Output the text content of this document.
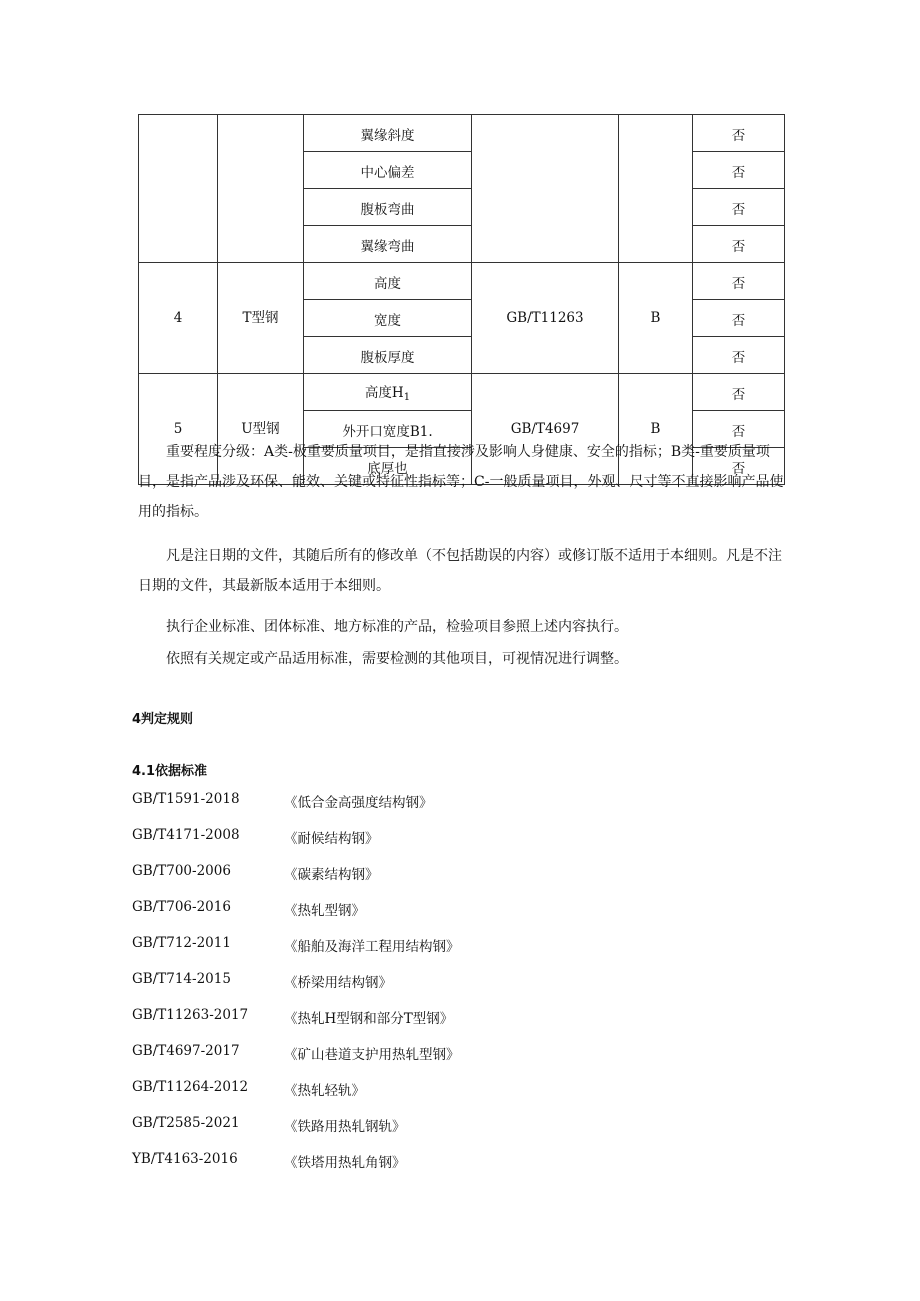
		翼缘斜度			否
		中心偏差			否
		腹板弯曲			否
		翼缘弯曲			否
4	T型钢	高度	GB/T11263	B	否
		宽度			否
		腹板厚度			否
5	U型钢	高度$H_1$	GB/T4697	B	否
		外开口宽度B1.			否
		底厚也			否

重要程度分级：A类-极重要质量项目，是指直接涉及影响人身健康、安全的指标；B类-重要质量项目，是指产品涉及环保、能效、关键或特征性指标等；C-一般质量项目，外观、尺寸等不直接影响产品使用的指标。

凡是注日期的文件，其随后所有的修改单（不包括勘误的内容）或修订版不适用于本细则。凡是不注日期的文件，其最新版本适用于本细则。

执行企业标准、团体标准、地方标准的产品，检验项目参照上述内容执行。

依照有关规定或产品适用标准，需要检测的其他项目，可视情况进行调整。

4判定规则

4.1依据标准

GB/T1591-2018	《低合金高强度结构钢》
GB/T4171-2008	《耐候结构钢》
GB/T700-2006	《碳素结构钢》
GB/T706-2016	《热轧型钢》
GB/T712-2011	《船舶及海洋工程用结构钢》
GB/T714-2015	《桥梁用结构钢》
GB/T11263-2017	《热轧H型钢和部分T型钢》
GB/T4697-2017	《矿山巷道支护用热轧型钢》
GB/T11264-2012	《热轧轻轨》
GB/T2585-2021	《铁路用热轧钢轨》
YB/T4163-2016	《铁塔用热轧角钢》
